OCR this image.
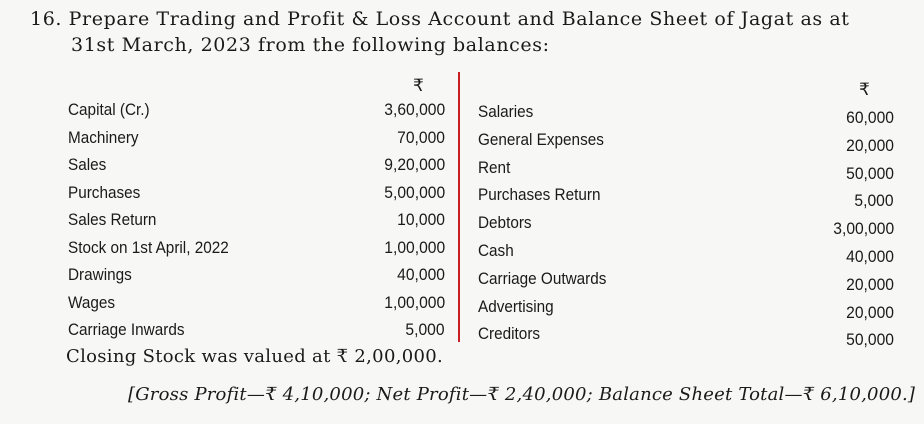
16. Prepare Trading and Profit & Loss Account and Balance Sheet of Jagat as at
31st March, 2023 from the following balances:
₹	₹
Capital (Cr.)	3,60,000
Machinery	70,000
Sales	9,20,000
Purchases	5,00,000
Sales Return	10,000
Stock on 1st April, 2022	1,00,000
Drawings	40,000
Wages	1,00,000
Carriage Inwards	5,000
Salaries	60,000
General Expenses	20,000
Rent	50,000
Purchases Return	5,000
Debtors	3,00,000
Cash	40,000
Carriage Outwards	20,000
Advertising	20,000
Creditors	50,000
Closing Stock was valued at ₹ 2,00,000.
[Gross Profit—₹ 4,10,000; Net Profit—₹ 2,40,000; Balance Sheet Total—₹ 6,10,000.]
